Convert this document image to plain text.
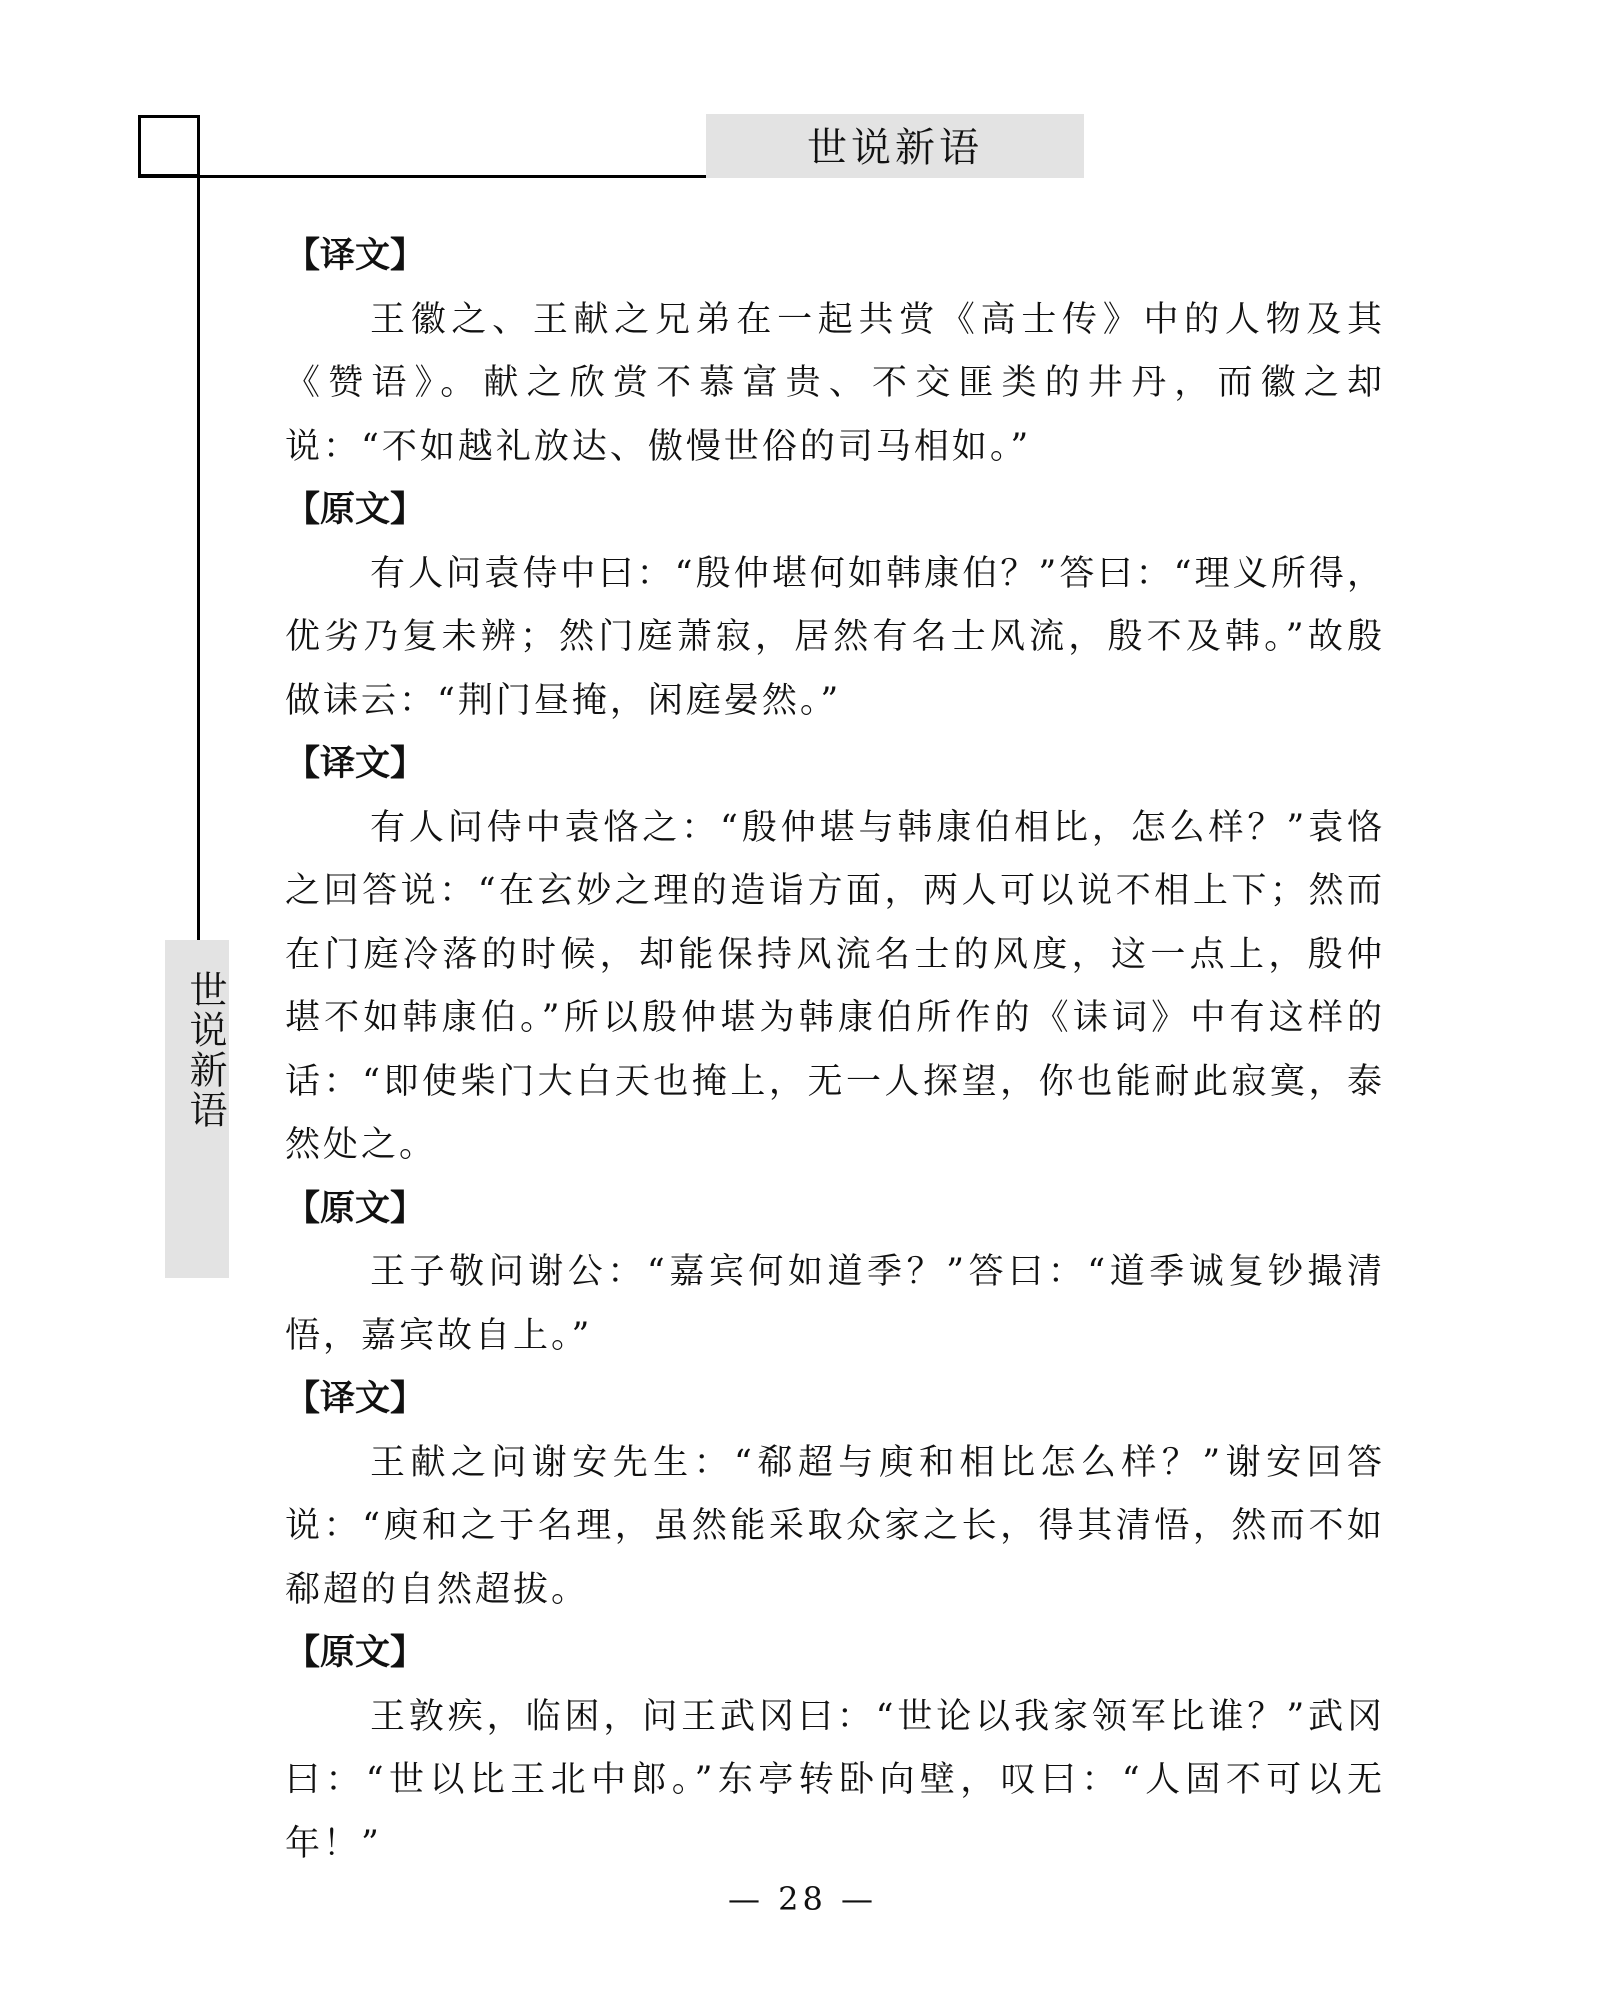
世说新语
世说新语
【译文】

王徽之、王献之兄弟在一起共赏《高士传》中的人物及其《赞语》。献之欣赏不慕富贵、不交匪类的井丹，而徽之却说：“不如越礼放达、傲慢世俗的司马相如。”

【原文】

有人问袁侍中曰：“殷仲堪何如韩康伯？”答曰：“理义所得，优劣乃复未辨；然门庭萧寂，居然有名士风流，殷不及韩。”故殷做诔云：“荆门昼掩，闲庭晏然。”

【译文】

有人问侍中袁恪之：“殷仲堪与韩康伯相比，怎么样？”袁恪之回答说：“在玄妙之理的造诣方面，两人可以说不相上下；然而在门庭冷落的时候，却能保持风流名士的风度，这一点上，殷仲堪不如韩康伯。”所以殷仲堪为韩康伯所作的《诔词》中有这样的话：“即使柴门大白天也掩上，无一人探望，你也能耐此寂寞，泰然处之。

【原文】

王子敬问谢公：“嘉宾何如道季？”答曰：“道季诚复钞撮清悟，嘉宾故自上。”

【译文】

王献之问谢安先生：“郗超与庾和相比怎么样？”谢安回答说：“庾和之于名理，虽然能采取众家之长，得其清悟，然而不如郗超的自然超拔。

【原文】

王敦疾，临困，问王武冈曰：“世论以我家领军比谁？”武冈曰：“世以比王北中郎。”东亭转卧向壁，叹曰：“人固不可以无年！”

— 28 —
